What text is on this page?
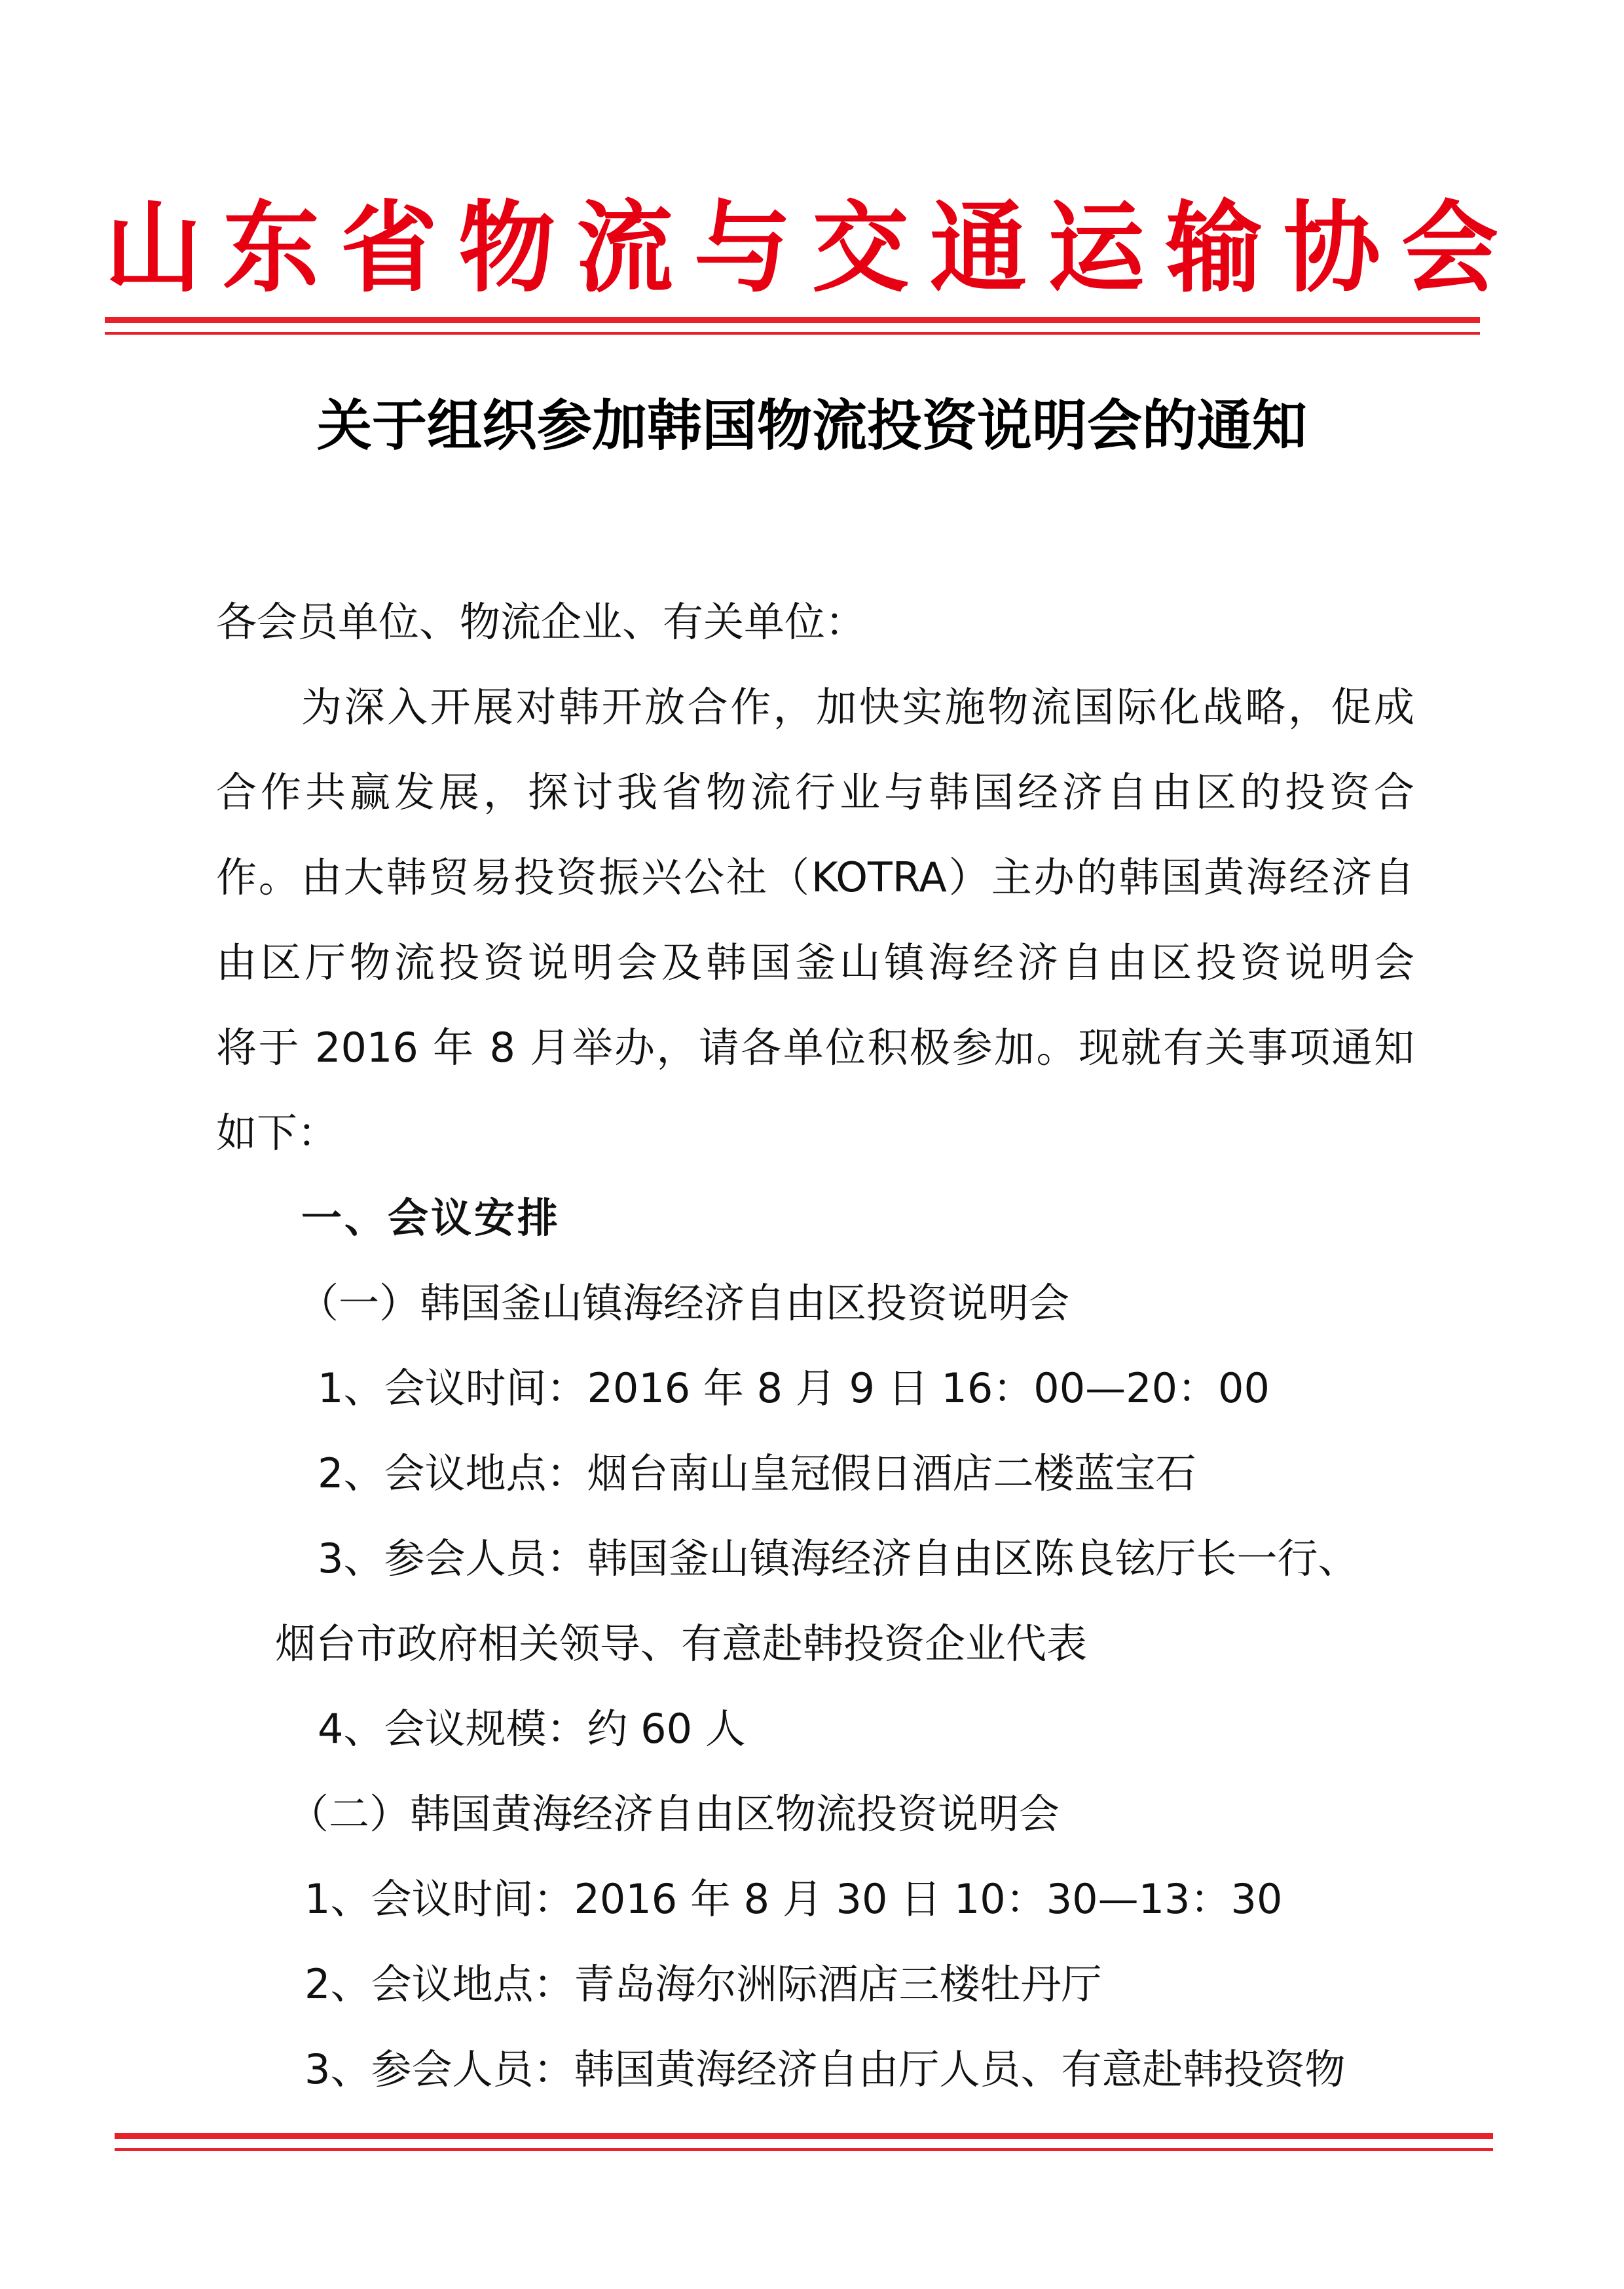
山东省物流与交通运输协会
关于组织参加韩国物流投资说明会的通知
各会员单位、物流企业、有关单位：
为深入开展对韩开放合作，加快实施物流国际化战略，促成
合作共赢发展，探讨我省物流行业与韩国经济自由区的投资合
作。由大韩贸易投资振兴公社（KOTRA）主办的韩国黄海经济自
由区厅物流投资说明会及韩国釜山镇海经济自由区投资说明会
将于 2016 年 8 月举办，请各单位积极参加。现就有关事项通知
如下：
一、会议安排
（一）韩国釜山镇海经济自由区投资说明会
1、会议时间：2016 年 8 月 9 日 16：00—20：00
2、会议地点：烟台南山皇冠假日酒店二楼蓝宝石
3、参会人员：韩国釜山镇海经济自由区陈良铉厅长一行、
烟台市政府相关领导、有意赴韩投资企业代表
4、会议规模：约 60 人
（二）韩国黄海经济自由区物流投资说明会
1、会议时间：2016 年 8 月 30 日 10：30—13：30
2、会议地点：青岛海尔洲际酒店三楼牡丹厅
3、参会人员：韩国黄海经济自由厅人员、有意赴韩投资物
